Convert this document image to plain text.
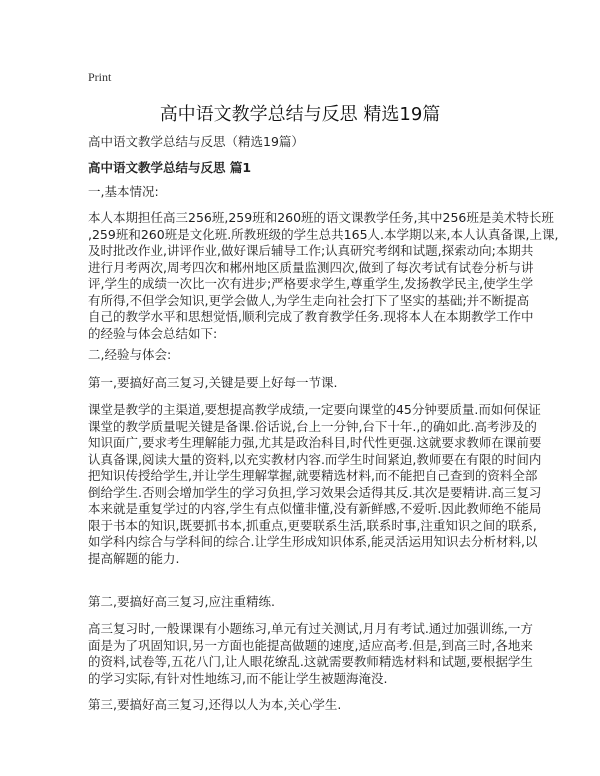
Print
高中语文教学总结与反思 精选19篇
高中语文教学总结与反思（精选19篇）
高中语文教学总结与反思 篇1
一,基本情况:
本人本期担任高三256班,259班和260班的语文课教学任务,其中256班是美术特长班
,259班和260班是文化班.所教班级的学生总共165人.本学期以来,本人认真备课,上课,
及时批改作业,讲评作业,做好课后辅导工作;认真研究考纲和试题,探索动向;本期共
进行月考两次,周考四次和郴州地区质量监测四次,做到了每次考试有试卷分析与讲
评,学生的成绩一次比一次有进步;严格要求学生,尊重学生,发扬教学民主,使学生学
有所得,不但学会知识,更学会做人,为学生走向社会打下了坚实的基础;并不断提高
自己的教学水平和思想觉悟,顺利完成了教育教学任务.现将本人在本期教学工作中
的经验与体会总结如下:
二,经验与体会:
第一,要搞好高三复习,关键是要上好每一节课.
课堂是教学的主渠道,要想提高教学成绩,一定要向课堂的45分钟要质量.而如何保证
课堂的教学质量呢关键是备课.俗话说,台上一分钟,台下十年.,的确如此.高考涉及的
知识面广,要求考生理解能力强,尤其是政治科目,时代性更强.这就要求教师在课前要
认真备课,阅读大量的资料,以充实教材内容.而学生时间紧迫,教师要在有限的时间内
把知识传授给学生,并让学生理解掌握,就要精选材料,而不能把自己查到的资料全部
倒给学生.否则会增加学生的学习负担,学习效果会适得其反.其次是要精讲.高三复习
本来就是重复学过的内容,学生有点似懂非懂,没有新鲜感,不爱听.因此教师绝不能局
限于书本的知识,既要抓书本,抓重点,更要联系生活,联系时事,注重知识之间的联系,
如学科内综合与学科间的综合.让学生形成知识体系,能灵活运用知识去分析材料,以
提高解题的能力.
第二,要搞好高三复习,应注重精练.
高三复习时,一般课课有小题练习,单元有过关测试,月月有考试.通过加强训练,一方
面是为了巩固知识,另一方面也能提高做题的速度,适应高考.但是,到高三时,各地来
的资料,试卷等,五花八门,让人眼花缭乱.这就需要教师精选材料和试题,要根据学生
的学习实际,有针对性地练习,而不能让学生被题海淹没.
第三,要搞好高三复习,还得以人为本,关心学生.
